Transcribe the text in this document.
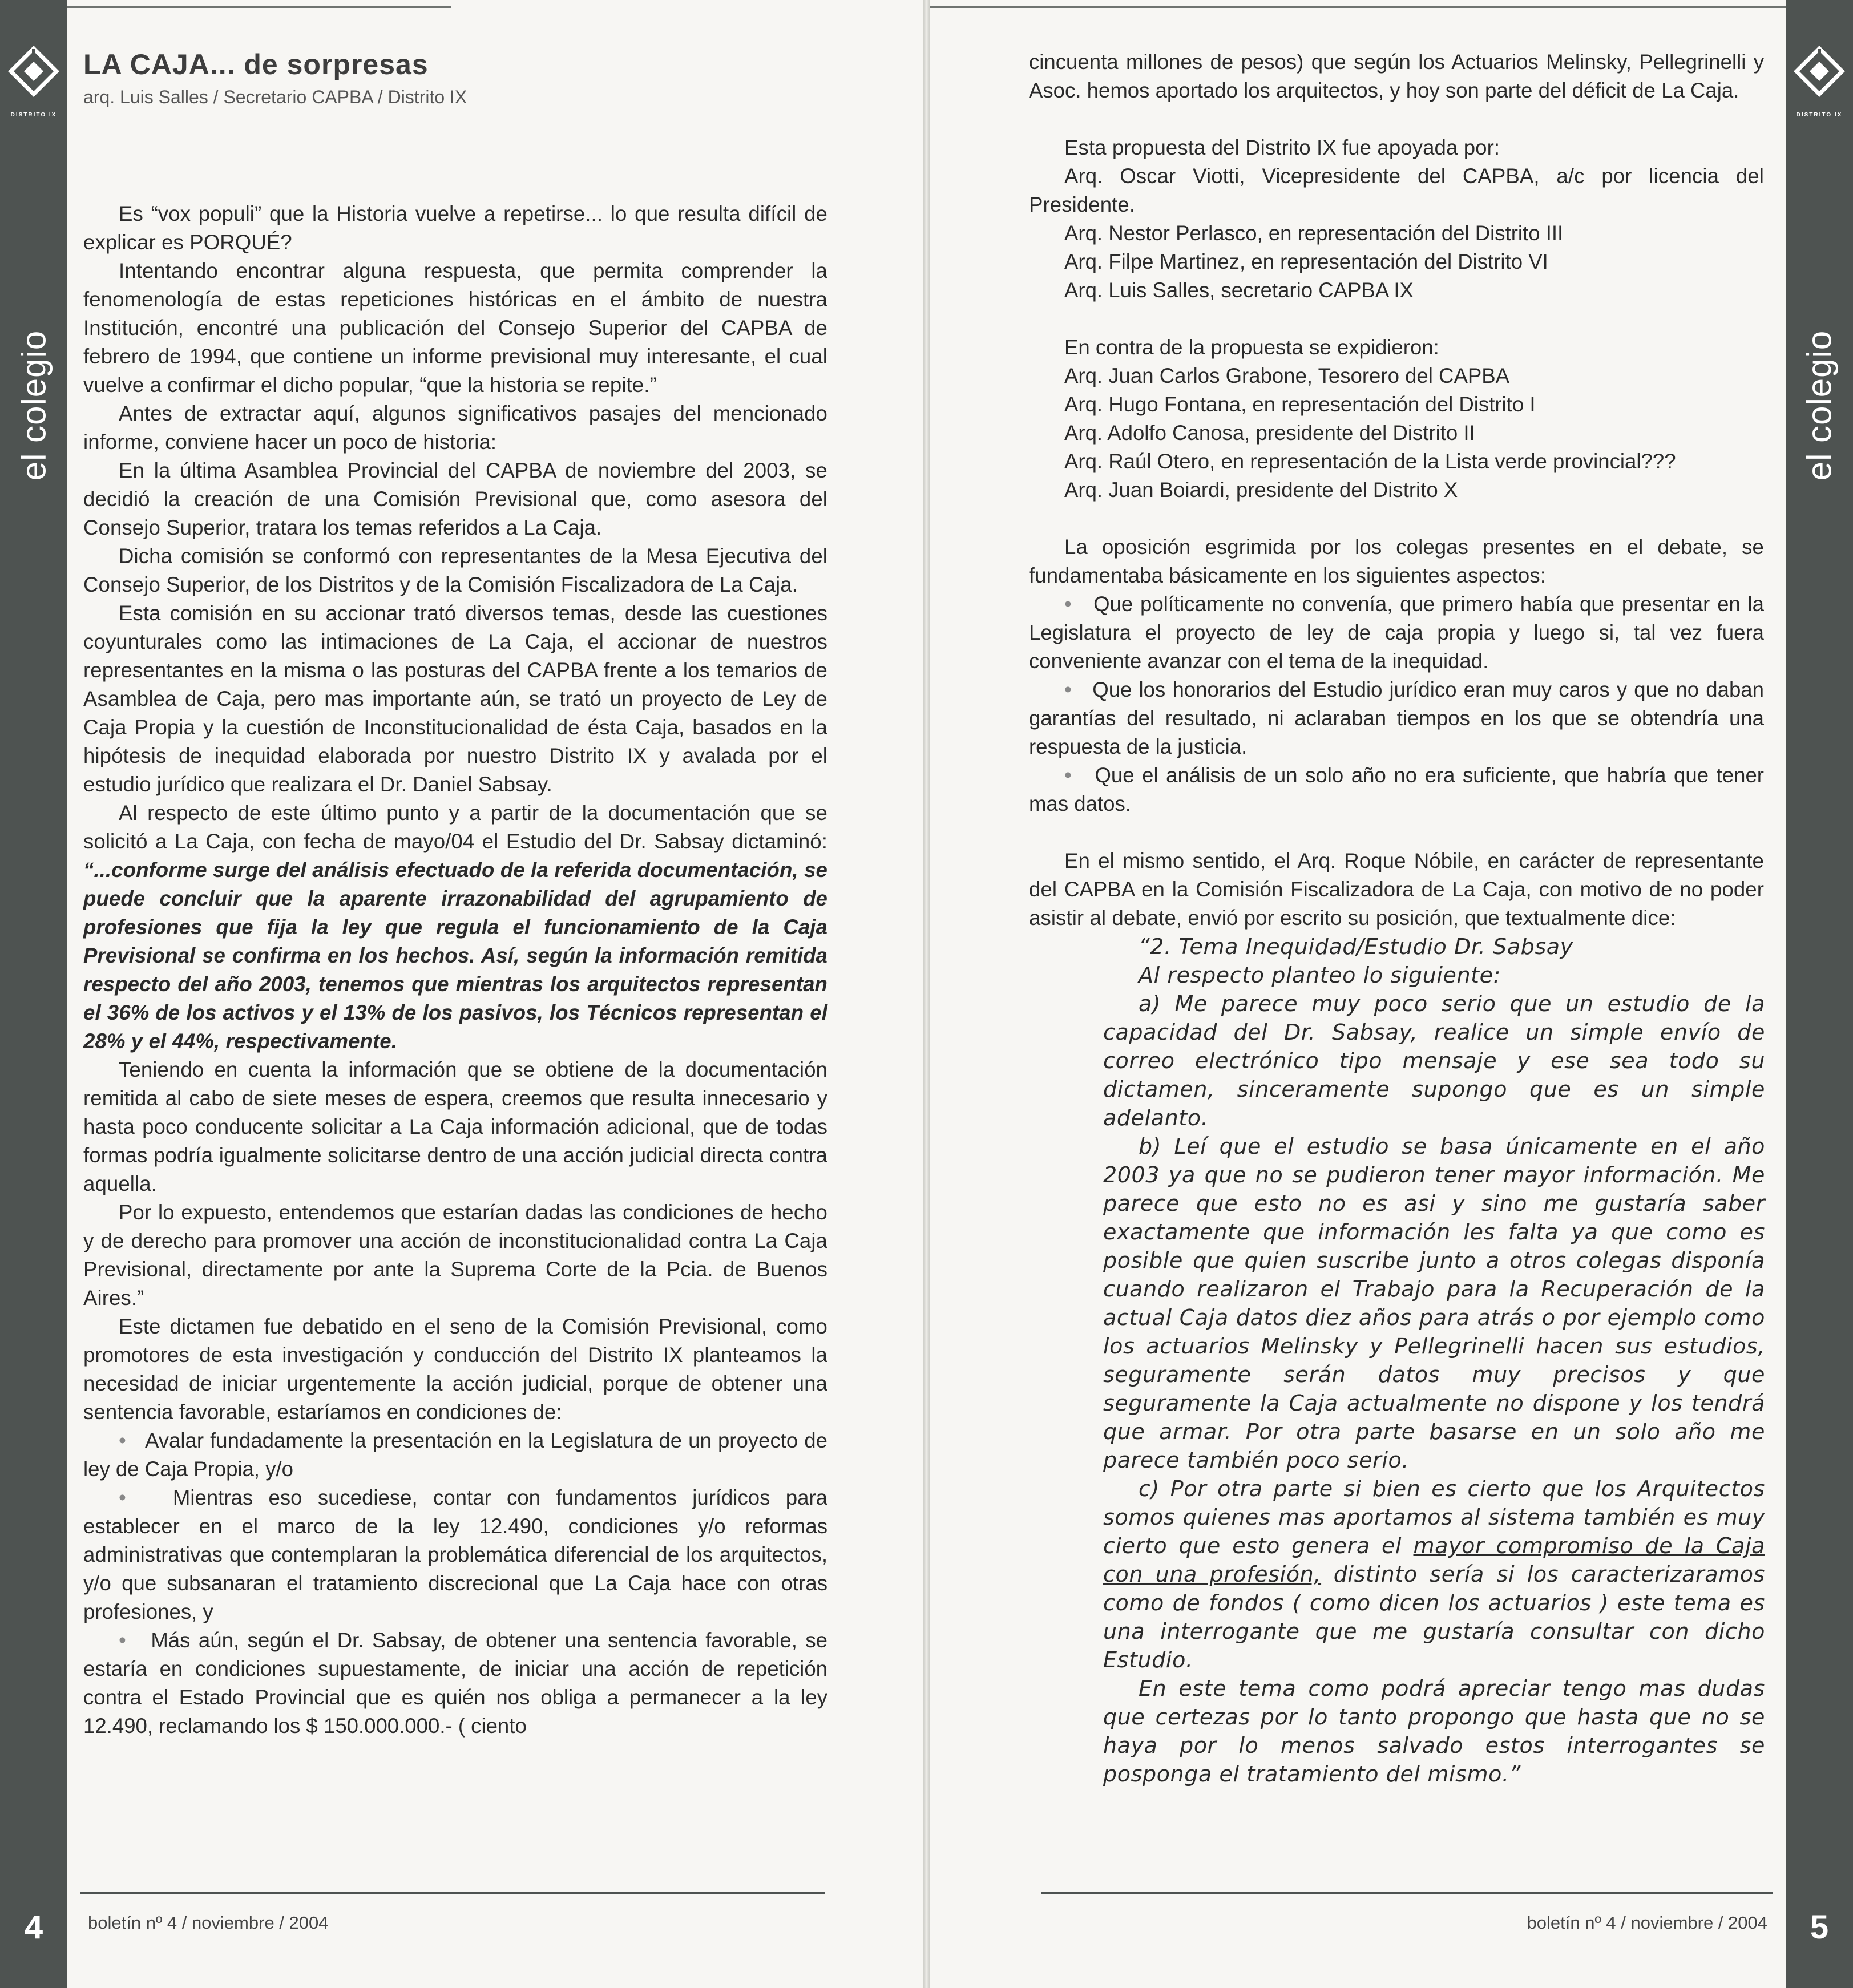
DISTRITO IX
el colegio
4
LA CAJA... de sorpresas
arq. Luis Salles / Secretario CAPBA / Distrito IX

Es “vox populi” que la Historia vuelve a repetirse... lo que resulta difícil de explicar es PORQUÉ?

Intentando encontrar alguna respuesta, que permita comprender la fenomenología de estas repeticiones históricas en el ámbito de nuestra Institución, encontré una publicación del Consejo Superior del CAPBA de febrero de 1994, que contiene un informe previsional muy interesante, el cual vuelve a confirmar el dicho popular, “que la historia se repite.”

Antes de extractar aquí, algunos significativos pasajes del mencionado informe, conviene hacer un poco de historia:

En la última Asamblea Provincial del CAPBA de noviembre del 2003, se decidió la creación de una Comisión Previsional que, como asesora del Consejo Superior, tratara los temas referidos a La Caja.

Dicha comisión se conformó con representantes de la Mesa Ejecutiva del Consejo Superior, de los Distritos y de la Comisión Fiscalizadora de La Caja.

Esta comisión en su accionar trató diversos temas, desde las cuestiones coyunturales como las intimaciones de La Caja, el accionar de nuestros representantes en la misma o las posturas del CAPBA frente a los temarios de Asamblea de Caja, pero mas importante aún, se trató un proyecto de Ley de Caja Propia y la cuestión de Inconstitucionalidad de ésta Caja, basados en la hipótesis de inequidad elaborada por nuestro Distrito IX y avalada por el estudio jurídico que realizara el Dr. Daniel Sabsay.

Al respecto de este último punto y a partir de la documentación que se solicitó a La Caja, con fecha de mayo/04 el Estudio del Dr. Sabsay dictaminó: “...conforme surge del análisis efectuado de la referida documentación, se puede concluir que la aparente irrazonabilidad del agrupamiento de profesiones que fija la ley que regula el funcionamiento de la Caja Previsional se confirma en los hechos. Así, según la información remitida respecto del año 2003, tenemos que mientras los arquitectos representan el 36% de los activos y el 13% de los pasivos, los Técnicos representan el 28% y el 44%, respectivamente.

Teniendo en cuenta la información que se obtiene de la documentación remitida al cabo de siete meses de espera, creemos que resulta innecesario y hasta poco conducente solicitar a La Caja información adicional, que de todas formas podría igualmente solicitarse dentro de una acción judicial directa contra aquella.

Por lo expuesto, entendemos que estarían dadas las condiciones de hecho y de derecho para promover una acción de inconstitucionalidad contra La Caja Previsional, directamente por ante la Suprema Corte de la Pcia. de Buenos Aires.”

Este dictamen fue debatido en el seno de la Comisión Previsional, como promotores de esta investigación y conducción del Distrito IX planteamos la necesidad de iniciar urgentemente la acción judicial, porque de obtener una sentencia favorable, estaríamos en condiciones de:

• Avalar fundadamente la presentación en la Legislatura de un proyecto de ley de Caja Propia, y/o

• Mientras eso sucediese, contar con fundamentos jurídicos para establecer en el marco de la ley 12.490, condiciones y/o reformas administrativas que contemplaran la problemática diferencial de los arquitectos, y/o que subsanaran el tratamiento discrecional que La Caja hace con otras profesiones, y

• Más aún, según el Dr. Sabsay, de obtener una sentencia favorable, se estaría en condiciones supuestamente, de iniciar una acción de repetición contra el Estado Provincial que es quién nos obliga a permanecer a la ley 12.490, reclamando los $ 150.000.000.- ( ciento

boletín nº 4 / noviembre / 2004
DISTRITO IX
el colegio
5

cincuenta millones de pesos) que según los Actuarios Melinsky, Pellegrinelli y Asoc. hemos aportado los arquitectos, y hoy son parte del déficit de La Caja.

Esta propuesta del Distrito IX fue apoyada por:

Arq. Oscar Viotti, Vicepresidente del CAPBA, a/c por licencia del Presidente.

Arq. Nestor Perlasco, en representación del Distrito III

Arq. Filpe Martinez, en representación del Distrito VI

Arq. Luis Salles, secretario CAPBA IX

En contra de la propuesta se expidieron:

Arq. Juan Carlos Grabone, Tesorero del CAPBA

Arq. Hugo Fontana, en representación del Distrito I

Arq. Adolfo Canosa, presidente del Distrito II

Arq. Raúl Otero, en representación de la Lista verde provincial???

Arq. Juan Boiardi, presidente del Distrito X

La oposición esgrimida por los colegas presentes en el debate, se fundamentaba básicamente en los siguientes aspectos:

• Que políticamente no convenía, que primero había que presentar en la Legislatura el proyecto de ley de caja propia y luego si, tal vez fuera conveniente avanzar con el tema de la inequidad.

• Que los honorarios del Estudio jurídico eran muy caros y que no daban garantías del resultado, ni aclaraban tiempos en los que se obtendría una respuesta de la justicia.

• Que el análisis de un solo año no era suficiente, que habría que tener mas datos.

En el mismo sentido, el Arq. Roque Nóbile, en carácter de representante del CAPBA en la Comisión Fiscalizadora de La Caja, con motivo de no poder asistir al debate, envió por escrito su posición, que textualmente dice:

“2. Tema Inequidad/Estudio Dr. Sabsay

Al respecto planteo lo siguiente:

a) Me parece muy poco serio que un estudio de la capacidad del Dr. Sabsay, realice un simple envío de correo electrónico tipo mensaje y ese sea todo su dictamen, sinceramente supongo que es un simple adelanto.

b) Leí que el estudio se basa únicamente en el año 2003 ya que no se pudieron tener mayor información. Me parece que esto no es asi y sino me gustaría saber exactamente que información les falta ya que como es posible que quien suscribe junto a otros colegas disponía cuando realizaron el Trabajo para la Recuperación de la actual Caja datos diez años para atrás o por ejemplo como los actuarios Melinsky y Pellegrinelli hacen sus estudios, seguramente serán datos muy precisos y que seguramente la Caja actualmente no dispone y los tendrá que armar. Por otra parte basarse en un solo año me parece también poco serio.

c) Por otra parte si bien es cierto que los Arquitectos somos quienes mas aportamos al sistema también es muy cierto que esto genera el mayor compromiso de la Caja con una profesión, distinto sería si los caracterizaramos como de fondos ( como dicen los actuarios ) este tema es una interrogante que me gustaría consultar con dicho Estudio.

En este tema como podrá apreciar tengo mas dudas que certezas por lo tanto propongo que hasta que no se haya por lo menos salvado estos interrogantes se posponga el tratamiento del mismo.”

boletín nº 4 / noviembre / 2004
